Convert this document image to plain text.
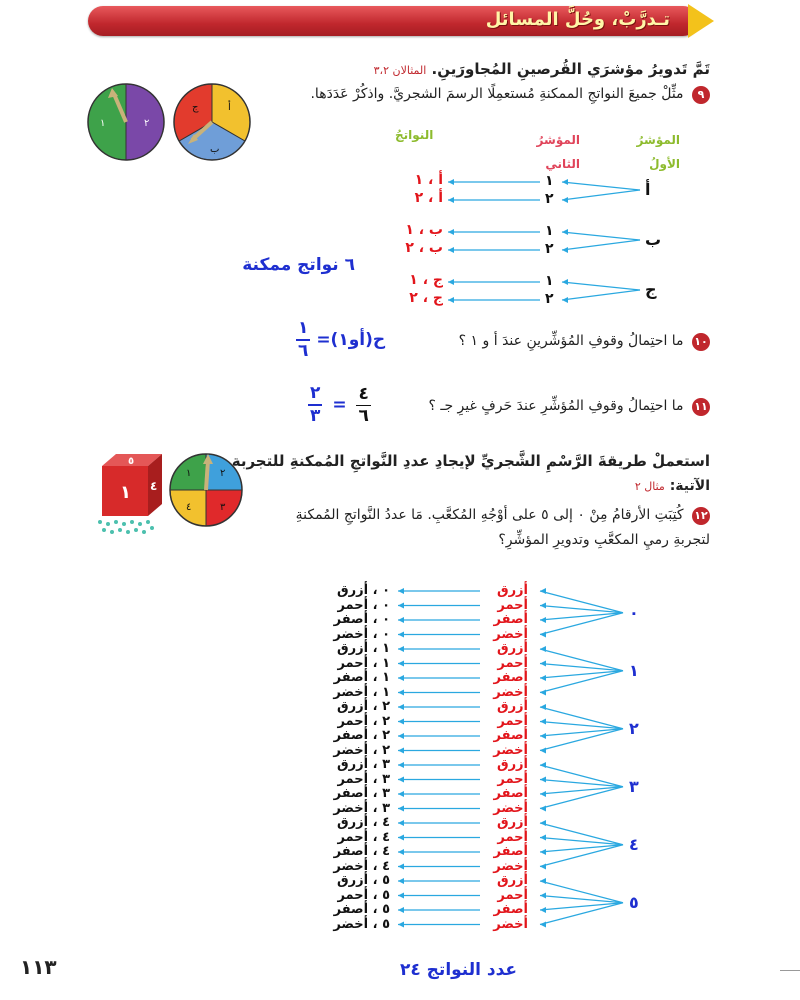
تـدرَّبْ، وحُلَّ المسائل
تَمَّ تَدويرُ مؤشرَي القُرصينِ المُجاورَينِ. المثالان ٣،٢
٩ مثِّلْ جميعَ النواتجِ الممكنةِ مُستعمِلًا الرسمَ الشجريَّ. واذكُرْ عَدَدَها.
أ
ب
ج
١	٢
المؤشرُ الأولُ
المؤشرُ الثاني
النواتجُ
أ
ب
ج
١
٢
١
٢
١
٢
أ ، ١
أ ، ٢
ب ، ١
ب ، ٢
ج ، ١
ج ، ٢
٦ نواتج ممكنة
١٠ ما احتِمالُ وقوفِ المُؤشِّرينِ عندَ أ و ١ ؟
$\frac{١}{٦}$ ح(أو١)=
١١ ما احتِمالُ وقوفِ المُؤشِّرِ عندَ حَرفٍ غيرِ جـ ؟
$\frac{٢}{٣} = \frac{٤}{٦}$
استعملْ طريقةَ الرَّسْمِ الشَّجريِّ لإيجادِ عددِ النَّواتجِ المُمكنةِ للتجربة
الآتية: مثال ٢
١٢ كُتِبَتِ الأرقامُ مِنْ ٠ إلى ٥ على أوْجُهِ المُكعَّبِ. مَا عددُ النَّواتجِ المُمكنةِ
لتجربةِ رميِ المكعَّبِ وتدويرِ المؤشِّرِ؟
٢
١
٣
٤
٥
١ ٤
٠
أزرق
٠ ، أزرق
أحمر
٠ ، أحمر
أصفر
٠ ، أصفر
أخضر
٠ ، أخضر
١
أزرق
١ ، أزرق
أحمر
١ ، أحمر
أصفر
١ ، أصفر
أخضر
١ ، أخضر
٢
أزرق
٢ ، أزرق
أحمر
٢ ، أحمر
أصفر
٢ ، أصفر
أخضر
٢ ، أخضر
٣
أزرق
٣ ، أزرق
أحمر
٣ ، أحمر
أصفر
٣ ، أصفر
أخضر
٣ ، أخضر
٤
أزرق
٤ ، أزرق
أحمر
٤ ، أحمر
أصفر
٤ ، أصفر
أخضر
٤ ، أخضر
٥
أزرق
٥ ، أزرق
أحمر
٥ ، أحمر
أصفر
٥ ، أصفر
أخضر
٥ ، أخضر
عدد النواتج ٢٤
١١٣
